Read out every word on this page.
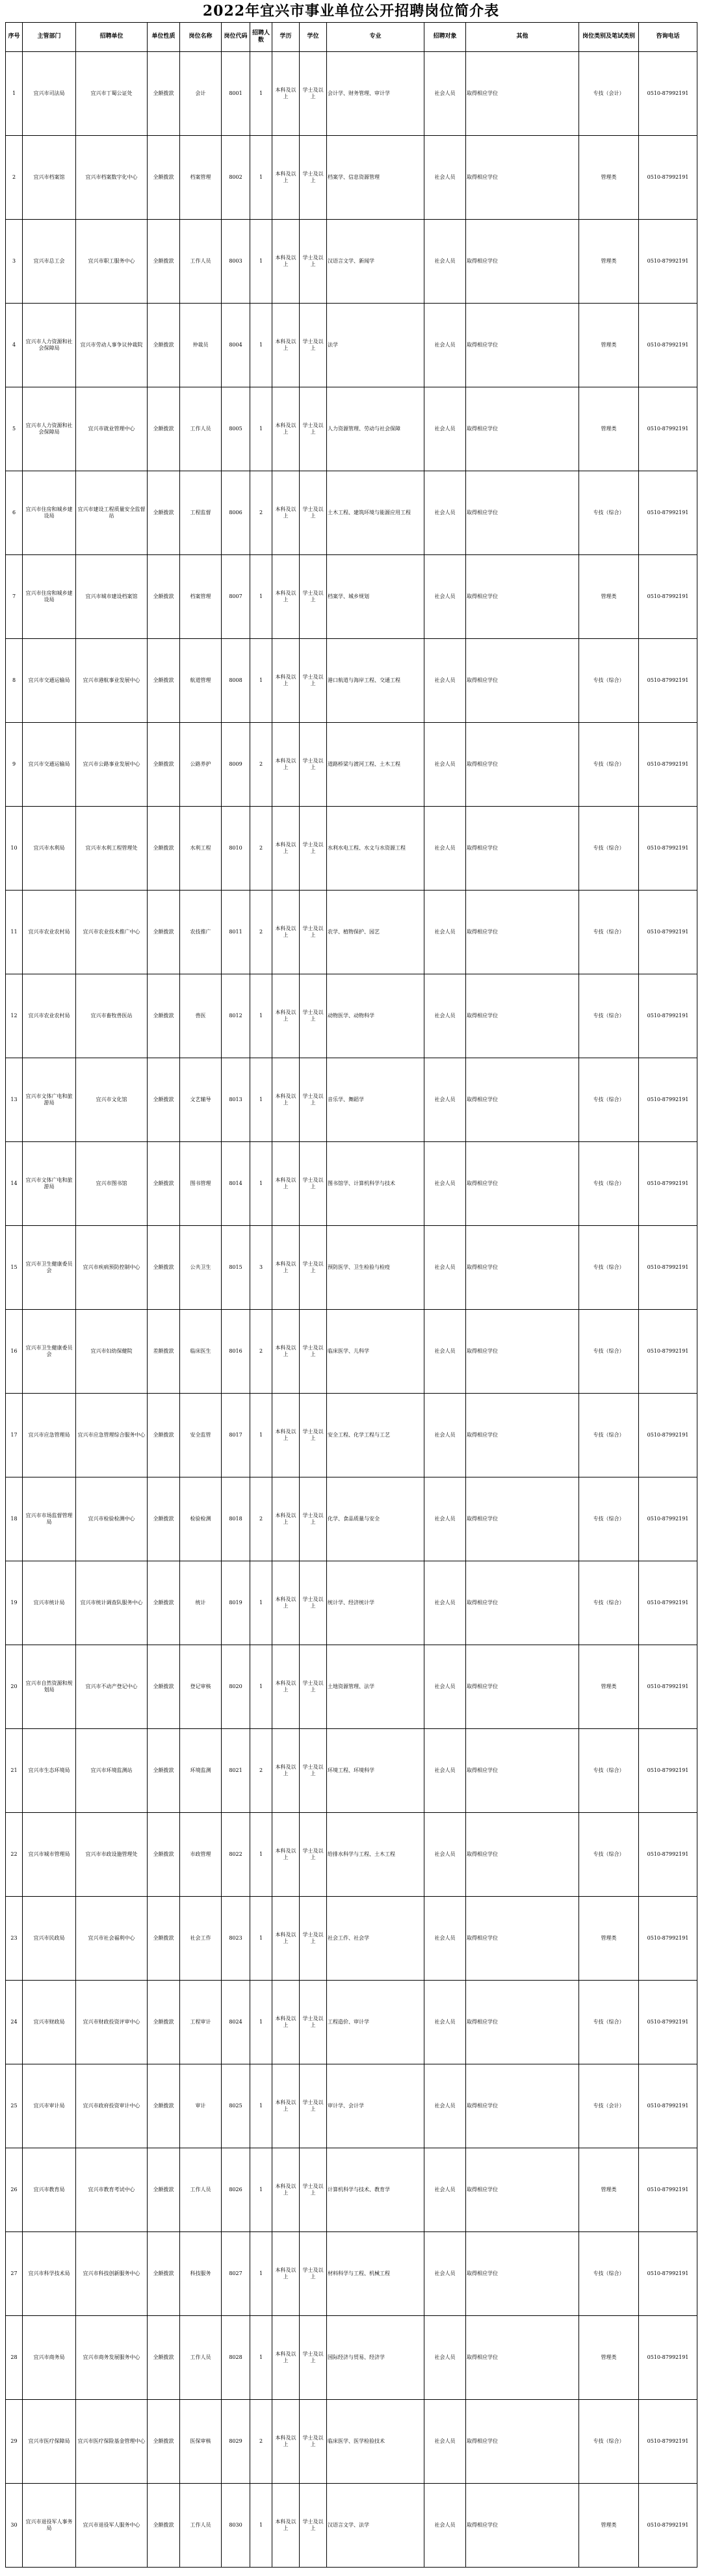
2022年宜兴市事业单位公开招聘岗位简介表
序号	主管部门	招聘单位	单位性质	岗位名称	岗位代码	招聘人数	学历	学位	专业	招聘对象	其他	岗位类别及笔试类别	咨询电话
1	宜兴市司法局	宜兴市丁蜀公证处	全额拨款	会计	8001	1	本科及以上	学士及以上	会计学、财务管理、审计学	社会人员	取得相应学位	专技（会计）	0510-87992191
2	宜兴市档案馆	宜兴市档案数字化中心	全额拨款	档案管理	8002	1	本科及以上	学士及以上	档案学、信息资源管理	社会人员	取得相应学位	管理类	0510-87992191
3	宜兴市总工会	宜兴市职工服务中心	全额拨款	工作人员	8003	1	本科及以上	学士及以上	汉语言文学、新闻学	社会人员	取得相应学位	管理类	0510-87992191
4	宜兴市人力资源和社会保障局	宜兴市劳动人事争议仲裁院	全额拨款	仲裁员	8004	1	本科及以上	学士及以上	法学	社会人员	取得相应学位	管理类	0510-87992191
5	宜兴市人力资源和社会保障局	宜兴市就业管理中心	全额拨款	工作人员	8005	1	本科及以上	学士及以上	人力资源管理、劳动与社会保障	社会人员	取得相应学位	管理类	0510-87992191
6	宜兴市住房和城乡建设局	宜兴市建设工程质量安全监督站	全额拨款	工程监督	8006	2	本科及以上	学士及以上	土木工程、建筑环境与能源应用工程	社会人员	取得相应学位	专技（综合）	0510-87992191
7	宜兴市住房和城乡建设局	宜兴市城市建设档案馆	全额拨款	档案管理	8007	1	本科及以上	学士及以上	档案学、城乡规划	社会人员	取得相应学位	管理类	0510-87992191
8	宜兴市交通运输局	宜兴市港航事业发展中心	全额拨款	航道管理	8008	1	本科及以上	学士及以上	港口航道与海岸工程、交通工程	社会人员	取得相应学位	专技（综合）	0510-87992191
9	宜兴市交通运输局	宜兴市公路事业发展中心	全额拨款	公路养护	8009	2	本科及以上	学士及以上	道路桥梁与渡河工程、土木工程	社会人员	取得相应学位	专技（综合）	0510-87992191
10	宜兴市水利局	宜兴市水利工程管理处	全额拨款	水利工程	8010	2	本科及以上	学士及以上	水利水电工程、水文与水资源工程	社会人员	取得相应学位	专技（综合）	0510-87992191
11	宜兴市农业农村局	宜兴市农业技术推广中心	全额拨款	农技推广	8011	2	本科及以上	学士及以上	农学、植物保护、园艺	社会人员	取得相应学位	专技（综合）	0510-87992191
12	宜兴市农业农村局	宜兴市畜牧兽医站	全额拨款	兽医	8012	1	本科及以上	学士及以上	动物医学、动物科学	社会人员	取得相应学位	专技（综合）	0510-87992191
13	宜兴市文体广电和旅游局	宜兴市文化馆	全额拨款	文艺辅导	8013	1	本科及以上	学士及以上	音乐学、舞蹈学	社会人员	取得相应学位	专技（综合）	0510-87992191
14	宜兴市文体广电和旅游局	宜兴市图书馆	全额拨款	图书管理	8014	1	本科及以上	学士及以上	图书馆学、计算机科学与技术	社会人员	取得相应学位	专技（综合）	0510-87992191
15	宜兴市卫生健康委员会	宜兴市疾病预防控制中心	全额拨款	公共卫生	8015	3	本科及以上	学士及以上	预防医学、卫生检验与检疫	社会人员	取得相应学位	专技（综合）	0510-87992191
16	宜兴市卫生健康委员会	宜兴市妇幼保健院	差额拨款	临床医生	8016	2	本科及以上	学士及以上	临床医学、儿科学	社会人员	取得相应学位	专技（综合）	0510-87992191
17	宜兴市应急管理局	宜兴市应急管理综合服务中心	全额拨款	安全监管	8017	1	本科及以上	学士及以上	安全工程、化学工程与工艺	社会人员	取得相应学位	专技（综合）	0510-87992191
18	宜兴市市场监督管理局	宜兴市检验检测中心	全额拨款	检验检测	8018	2	本科及以上	学士及以上	化学、食品质量与安全	社会人员	取得相应学位	专技（综合）	0510-87992191
19	宜兴市统计局	宜兴市统计调查队服务中心	全额拨款	统计	8019	1	本科及以上	学士及以上	统计学、经济统计学	社会人员	取得相应学位	专技（综合）	0510-87992191
20	宜兴市自然资源和规划局	宜兴市不动产登记中心	全额拨款	登记审核	8020	1	本科及以上	学士及以上	土地资源管理、法学	社会人员	取得相应学位	管理类	0510-87992191
21	宜兴市生态环境局	宜兴市环境监测站	全额拨款	环境监测	8021	2	本科及以上	学士及以上	环境工程、环境科学	社会人员	取得相应学位	专技（综合）	0510-87992191
22	宜兴市城市管理局	宜兴市市政设施管理处	全额拨款	市政管理	8022	1	本科及以上	学士及以上	给排水科学与工程、土木工程	社会人员	取得相应学位	专技（综合）	0510-87992191
23	宜兴市民政局	宜兴市社会福利中心	全额拨款	社会工作	8023	1	本科及以上	学士及以上	社会工作、社会学	社会人员	取得相应学位	管理类	0510-87992191
24	宜兴市财政局	宜兴市财政投资评审中心	全额拨款	工程审计	8024	1	本科及以上	学士及以上	工程造价、审计学	社会人员	取得相应学位	专技（综合）	0510-87992191
25	宜兴市审计局	宜兴市政府投资审计中心	全额拨款	审计	8025	1	本科及以上	学士及以上	审计学、会计学	社会人员	取得相应学位	专技（会计）	0510-87992191
26	宜兴市教育局	宜兴市教育考试中心	全额拨款	工作人员	8026	1	本科及以上	学士及以上	计算机科学与技术、教育学	社会人员	取得相应学位	管理类	0510-87992191
27	宜兴市科学技术局	宜兴市科技创新服务中心	全额拨款	科技服务	8027	1	本科及以上	学士及以上	材料科学与工程、机械工程	社会人员	取得相应学位	专技（综合）	0510-87992191
28	宜兴市商务局	宜兴市商务发展服务中心	全额拨款	工作人员	8028	1	本科及以上	学士及以上	国际经济与贸易、经济学	社会人员	取得相应学位	管理类	0510-87992191
29	宜兴市医疗保障局	宜兴市医疗保险基金管理中心	全额拨款	医保审核	8029	2	本科及以上	学士及以上	临床医学、医学检验技术	社会人员	取得相应学位	专技（综合）	0510-87992191
30	宜兴市退役军人事务局	宜兴市退役军人服务中心	全额拨款	工作人员	8030	1	本科及以上	学士及以上	汉语言文学、法学	社会人员	取得相应学位	管理类	0510-87992191
